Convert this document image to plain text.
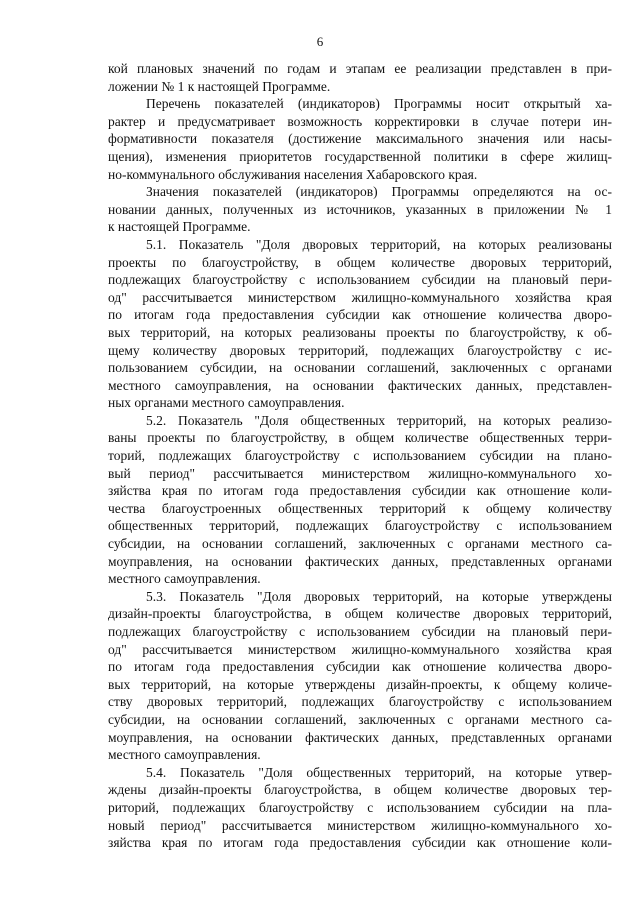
6
кой плановых значений по годам и этапам ее реализации представлен в при-
ложении № 1 к настоящей Программе.
Перечень показателей (индикаторов) Программы носит открытый ха-
рактер и предусматривает возможность корректировки в случае потери ин-
формативности показателя (достижение максимального значения или насы-
щения), изменения приоритетов государственной политики в сфере жилищ-
но-коммунального обслуживания населения Хабаровского края.
Значения показателей (индикаторов) Программы определяются на ос-
новании данных, полученных из источников, указанных в приложении № 1
к настоящей Программе.
5.1. Показатель "Доля дворовых территорий, на которых реализованы
проекты по благоустройству, в общем количестве дворовых территорий,
подлежащих благоустройству с использованием субсидии на плановый пери-
од" рассчитывается министерством жилищно-коммунального хозяйства края
по итогам года предоставления субсидии как отношение количества дворо-
вых территорий, на которых реализованы проекты по благоустройству, к об-
щему количеству дворовых территорий, подлежащих благоустройству с ис-
пользованием субсидии, на основании соглашений, заключенных с органами
местного самоуправления, на основании фактических данных, представлен-
ных органами местного самоуправления.
5.2. Показатель "Доля общественных территорий, на которых реализо-
ваны проекты по благоустройству, в общем количестве общественных терри-
торий, подлежащих благоустройству с использованием субсидии на плано-
вый период" рассчитывается министерством жилищно-коммунального хо-
зяйства края по итогам года предоставления субсидии как отношение коли-
чества благоустроенных общественных территорий к общему количеству
общественных территорий, подлежащих благоустройству с использованием
субсидии, на основании соглашений, заключенных с органами местного са-
моуправления, на основании фактических данных, представленных органами
местного самоуправления.
5.3. Показатель "Доля дворовых территорий, на которые утверждены
дизайн-проекты благоустройства, в общем количестве дворовых территорий,
подлежащих благоустройству с использованием субсидии на плановый пери-
од" рассчитывается министерством жилищно-коммунального хозяйства края
по итогам года предоставления субсидии как отношение количества дворо-
вых территорий, на которые утверждены дизайн-проекты, к общему количе-
ству дворовых территорий, подлежащих благоустройству с использованием
субсидии, на основании соглашений, заключенных с органами местного са-
моуправления, на основании фактических данных, представленных органами
местного самоуправления.
5.4. Показатель "Доля общественных территорий, на которые утвер-
ждены дизайн-проекты благоустройства, в общем количестве дворовых тер-
риторий, подлежащих благоустройству с использованием субсидии на пла-
новый период" рассчитывается министерством жилищно-коммунального хо-
зяйства края по итогам года предоставления субсидии как отношение коли-
